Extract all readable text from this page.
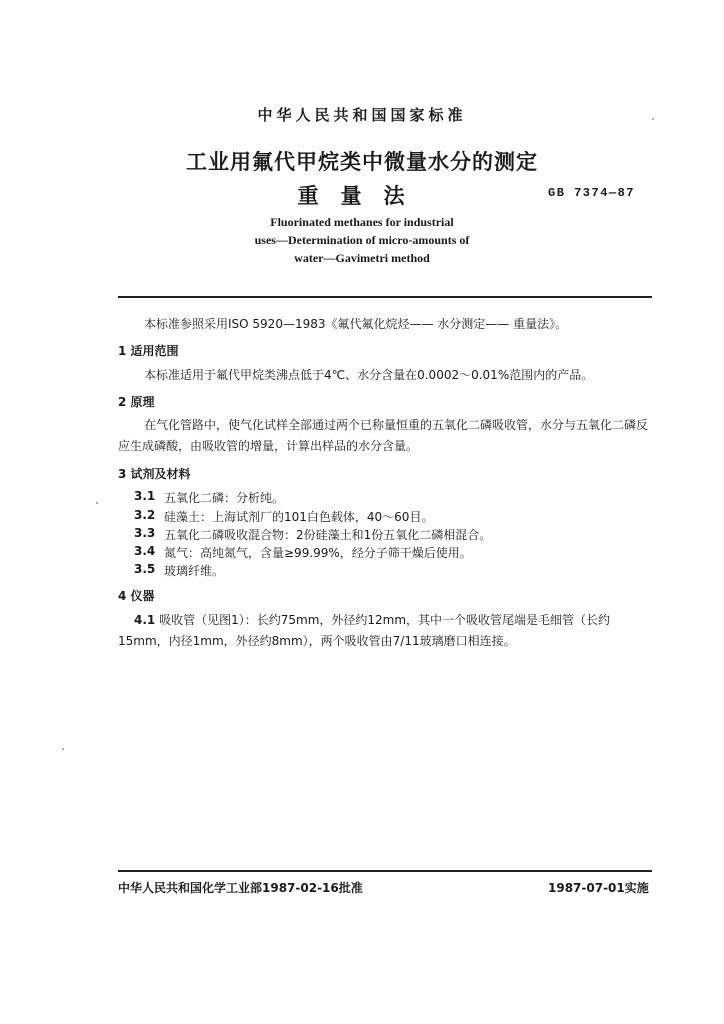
中华人民共和国国家标准
工业用氟代甲烷类中微量水分的测定
重量法	GB 7374—87
Fluorinated methanes for industrial
uses—Determination of micro-amounts of
water—Gavimetri method
本标准参照采用ISO 5920—1983《氟代氟化烷烃—— 水分测定—— 重量法》。
1 适用范围
本标准适用于氟代甲烷类沸点低于4℃、水分含量在0.0002～0.01%范围内的产品。
2 原理
在气化管路中，使气化试样全部通过两个已称量恒重的五氧化二磷吸收管，水分与五氧化二磷反应生成磷酸，由吸收管的增量，计算出样品的水分含量。
3 试剂及材料
3.1 五氧化二磷：分析纯。
3.2 硅藻土：上海试剂厂的101白色载体，40～60目。
3.3 五氧化二磷吸收混合物：2份硅藻土和1份五氧化二磷相混合。
3.4 氮气：高纯氮气，含量≥99.99%，经分子筛干燥后使用。
3.5 玻璃纤维。
4 仪器
4.1 吸收管（见图1）：长约75mm，外径约12mm，其中一个吸收管尾端是毛细管（长约15mm，内径1mm，外径约8mm），两个吸收管由7/11玻璃磨口相连接。
中华人民共和国化学工业部1987-02-16批准	1987-07-01实施
